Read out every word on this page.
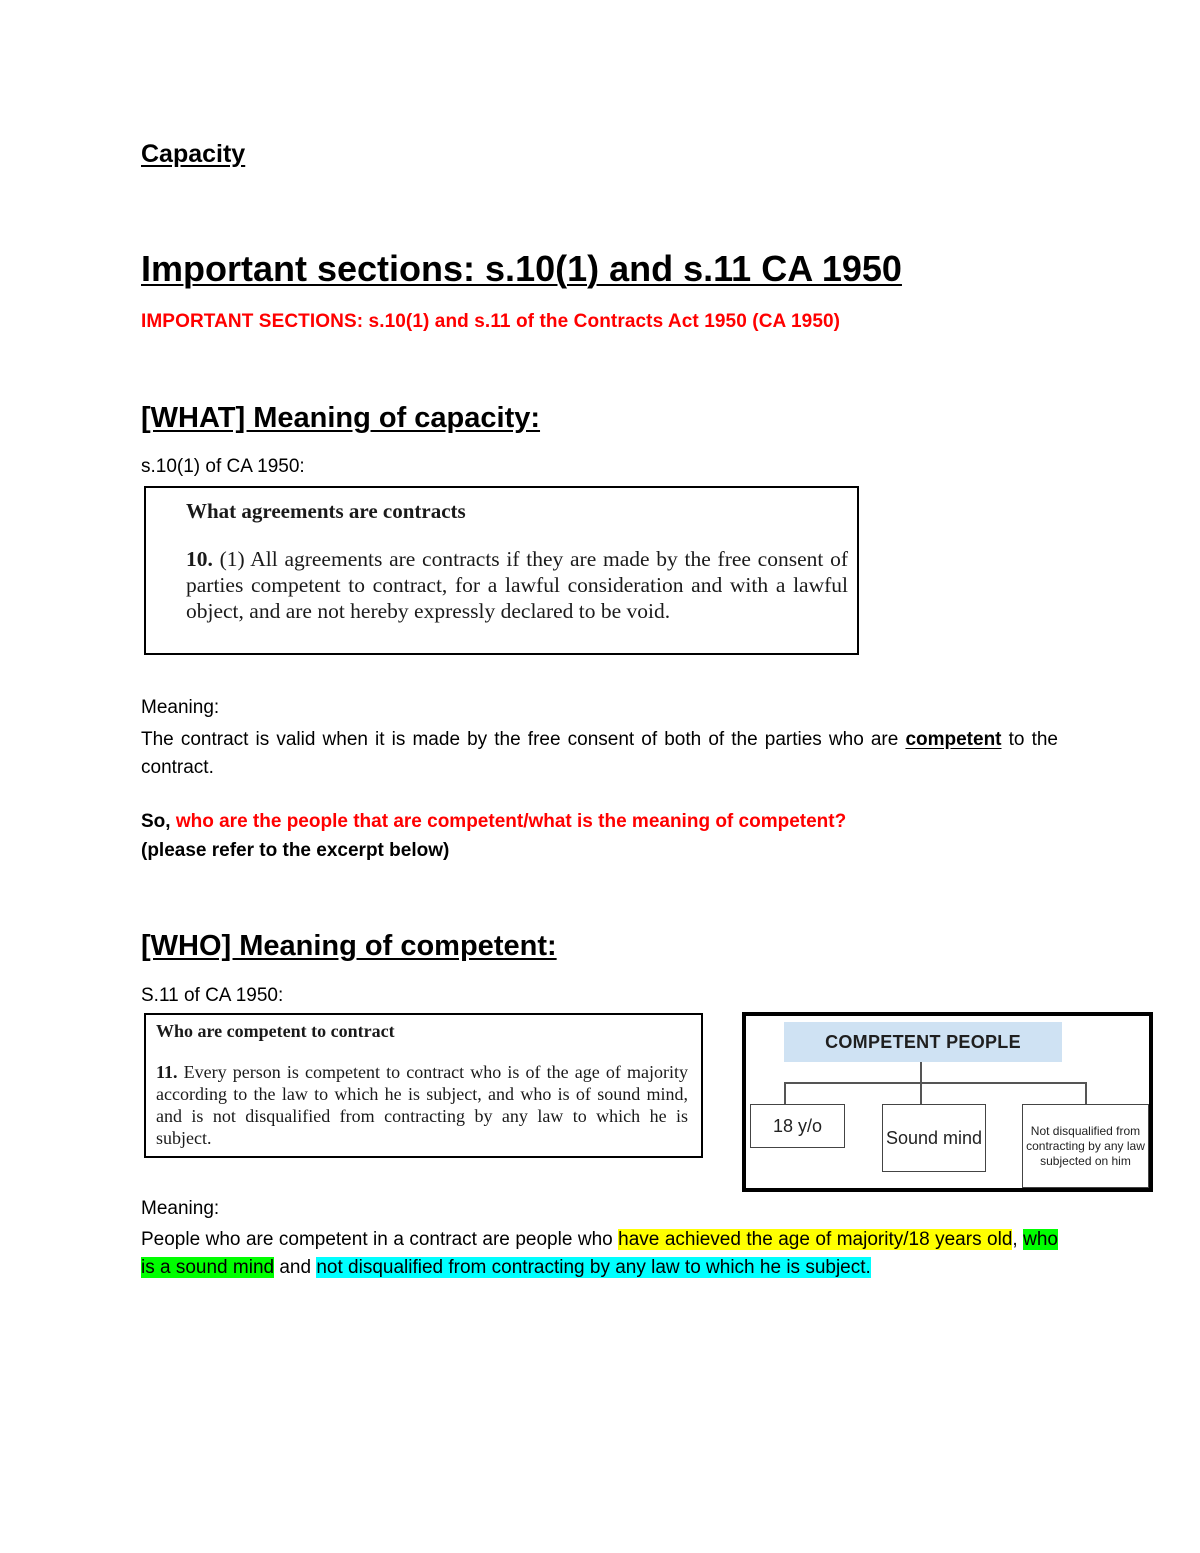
Capacity
Important sections: s.10(1) and s.11 CA 1950
IMPORTANT SECTIONS: s.10(1) and s.11 of the Contracts Act 1950 (CA 1950)
[WHAT] Meaning of capacity:
s.10(1) of CA 1950:
What agreements are contracts
10. (1) All agreements are contracts if they are made by the free consent of parties competent to contract, for a lawful consideration and with a lawful object, and are not hereby expressly declared to be void.
Meaning:
The contract is valid when it is made by the free consent of both of the parties who are competent to the contract.
So, who are the people that are competent/what is the meaning of competent?
(please refer to the excerpt below)
[WHO] Meaning of competent:
S.11 of CA 1950:
Who are competent to contract
11. Every person is competent to contract who is of the age of majority according to the law to which he is subject, and who is of sound mind, and is not disqualified from contracting by any law to which he is subject.
COMPETENT PEOPLE
18 y/o
Sound mind	Not disqualified from contracting by any law subjected on him
Meaning:
People who are competent in a contract are people who have achieved the age of majority/18 years old, who is a sound mind and not disqualified from contracting by any law to which he is subject.
